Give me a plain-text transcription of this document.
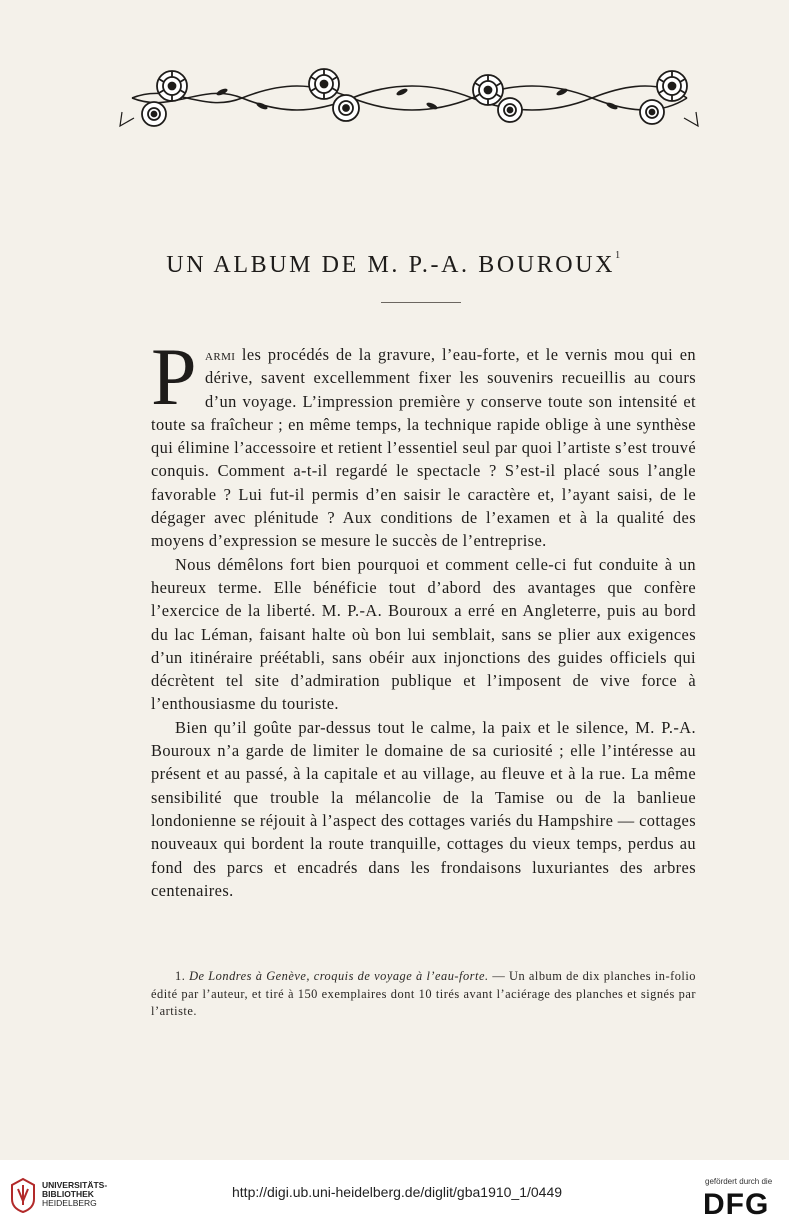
UN ALBUM DE M. P.-A. BOUROUX$^1$

Parmi les procédés de la gravure, l’eau-forte, et le vernis mou qui en dérive, savent excellemment fixer les souvenirs recueillis au cours d’un voyage. L’impression première y conserve toute son intensité et toute sa fraîcheur ; en même temps, la technique rapide oblige à une synthèse qui élimine l’accessoire et retient l’essentiel seul par quoi l’artiste s’est trouvé conquis. Comment a-t-il regardé le spectacle ? S’est-il placé sous l’angle favorable ? Lui fut-il permis d’en saisir le caractère et, l’ayant saisi, de le dégager avec plénitude ? Aux conditions de l’examen et à la qualité des moyens d’expression se mesure le succès de l’entreprise.

Nous démêlons fort bien pourquoi et comment celle-ci fut conduite à un heureux terme. Elle bénéficie tout d’abord des avantages que confère l’exercice de la liberté. M. P.-A. Bouroux a erré en Angleterre, puis au bord du lac Léman, faisant halte où bon lui semblait, sans se plier aux exigences d’un itinéraire préétabli, sans obéir aux injonctions des guides officiels qui décrètent tel site d’admiration publique et l’imposent de vive force à l’enthousiasme du touriste.

Bien qu’il goûte par-dessus tout le calme, la paix et le silence, M. P.-A. Bouroux n’a garde de limiter le domaine de sa curiosité ; elle l’intéresse au présent et au passé, à la capitale et au village, au fleuve et à la rue. La même sensibilité que trouble la mélancolie de la Tamise ou de la banlieue londonienne se réjouit à l’aspect des cottages variés du Hampshire — cottages nouveaux qui bordent la route tranquille, cottages du vieux temps, perdus au fond des parcs et encadrés dans les frondaisons luxuriantes des arbres centenaires.

1. De Londres à Genève, croquis de voyage à l’eau-forte. — Un album de dix planches in-folio édité par l’auteur, et tiré à 150 exemplaires dont 10 tirés avant l’aciérage des planches et signés par l’artiste.

UNIVERSITÄTS-
BIBLIOTHEK
HEIDELBERG
http://digi.ub.uni-heidelberg.de/diglit/gba1910_1/0449
gefördert durch die
DFG
